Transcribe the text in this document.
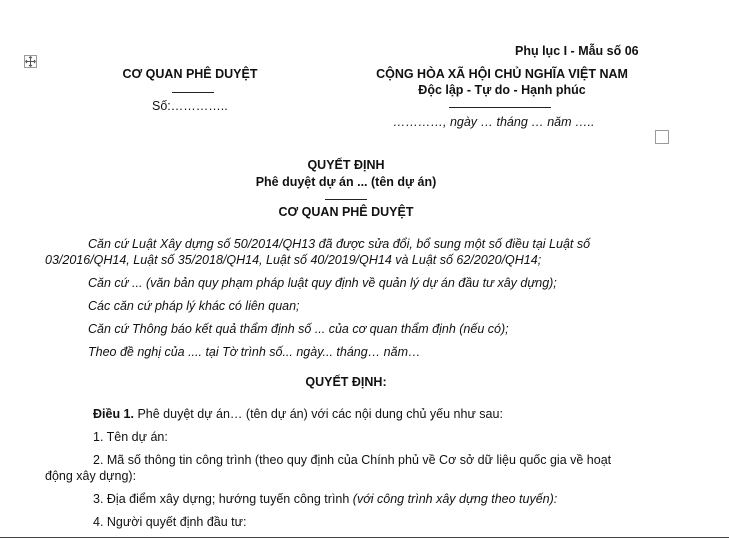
Phụ lục I - Mẫu số 06
CƠ QUAN PHÊ DUYỆT
Số:…………..
CỘNG HÒA XÃ HỘI CHỦ NGHĨA VIỆT NAM
Độc lập - Tự do - Hạnh phúc
…………, ngày … tháng … năm …..
QUYẾT ĐỊNH
Phê duyệt dự án ... (tên dự án)
CƠ QUAN PHÊ DUYỆT
Căn cứ Luật Xây dựng số 50/2014/QH13 đã được sửa đổi, bổ sung một số điều tại Luật số
03/2016/QH14, Luật số 35/2018/QH14, Luật số 40/2019/QH14 và Luật số 62/2020/QH14;
Căn cứ ... (văn bản quy phạm pháp luật quy định về quản lý dự án đầu tư xây dựng);
Các căn cứ pháp lý khác có liên quan;
Căn cứ Thông báo kết quả thẩm định số ... của cơ quan thẩm định (nếu có);
Theo đề nghị của .... tại Tờ trình số... ngày... tháng… năm…
QUYẾT ĐỊNH:
Điều 1. Phê duyệt dự án… (tên dự án) với các nội dung chủ yếu như sau:
1. Tên dự án:
2. Mã số thông tin công trình (theo quy định của Chính phủ về Cơ sở dữ liệu quốc gia về hoạt
động xây dựng):
3. Địa điểm xây dựng; hướng tuyến công trình (với công trình xây dựng theo tuyến):
4. Người quyết định đầu tư:
